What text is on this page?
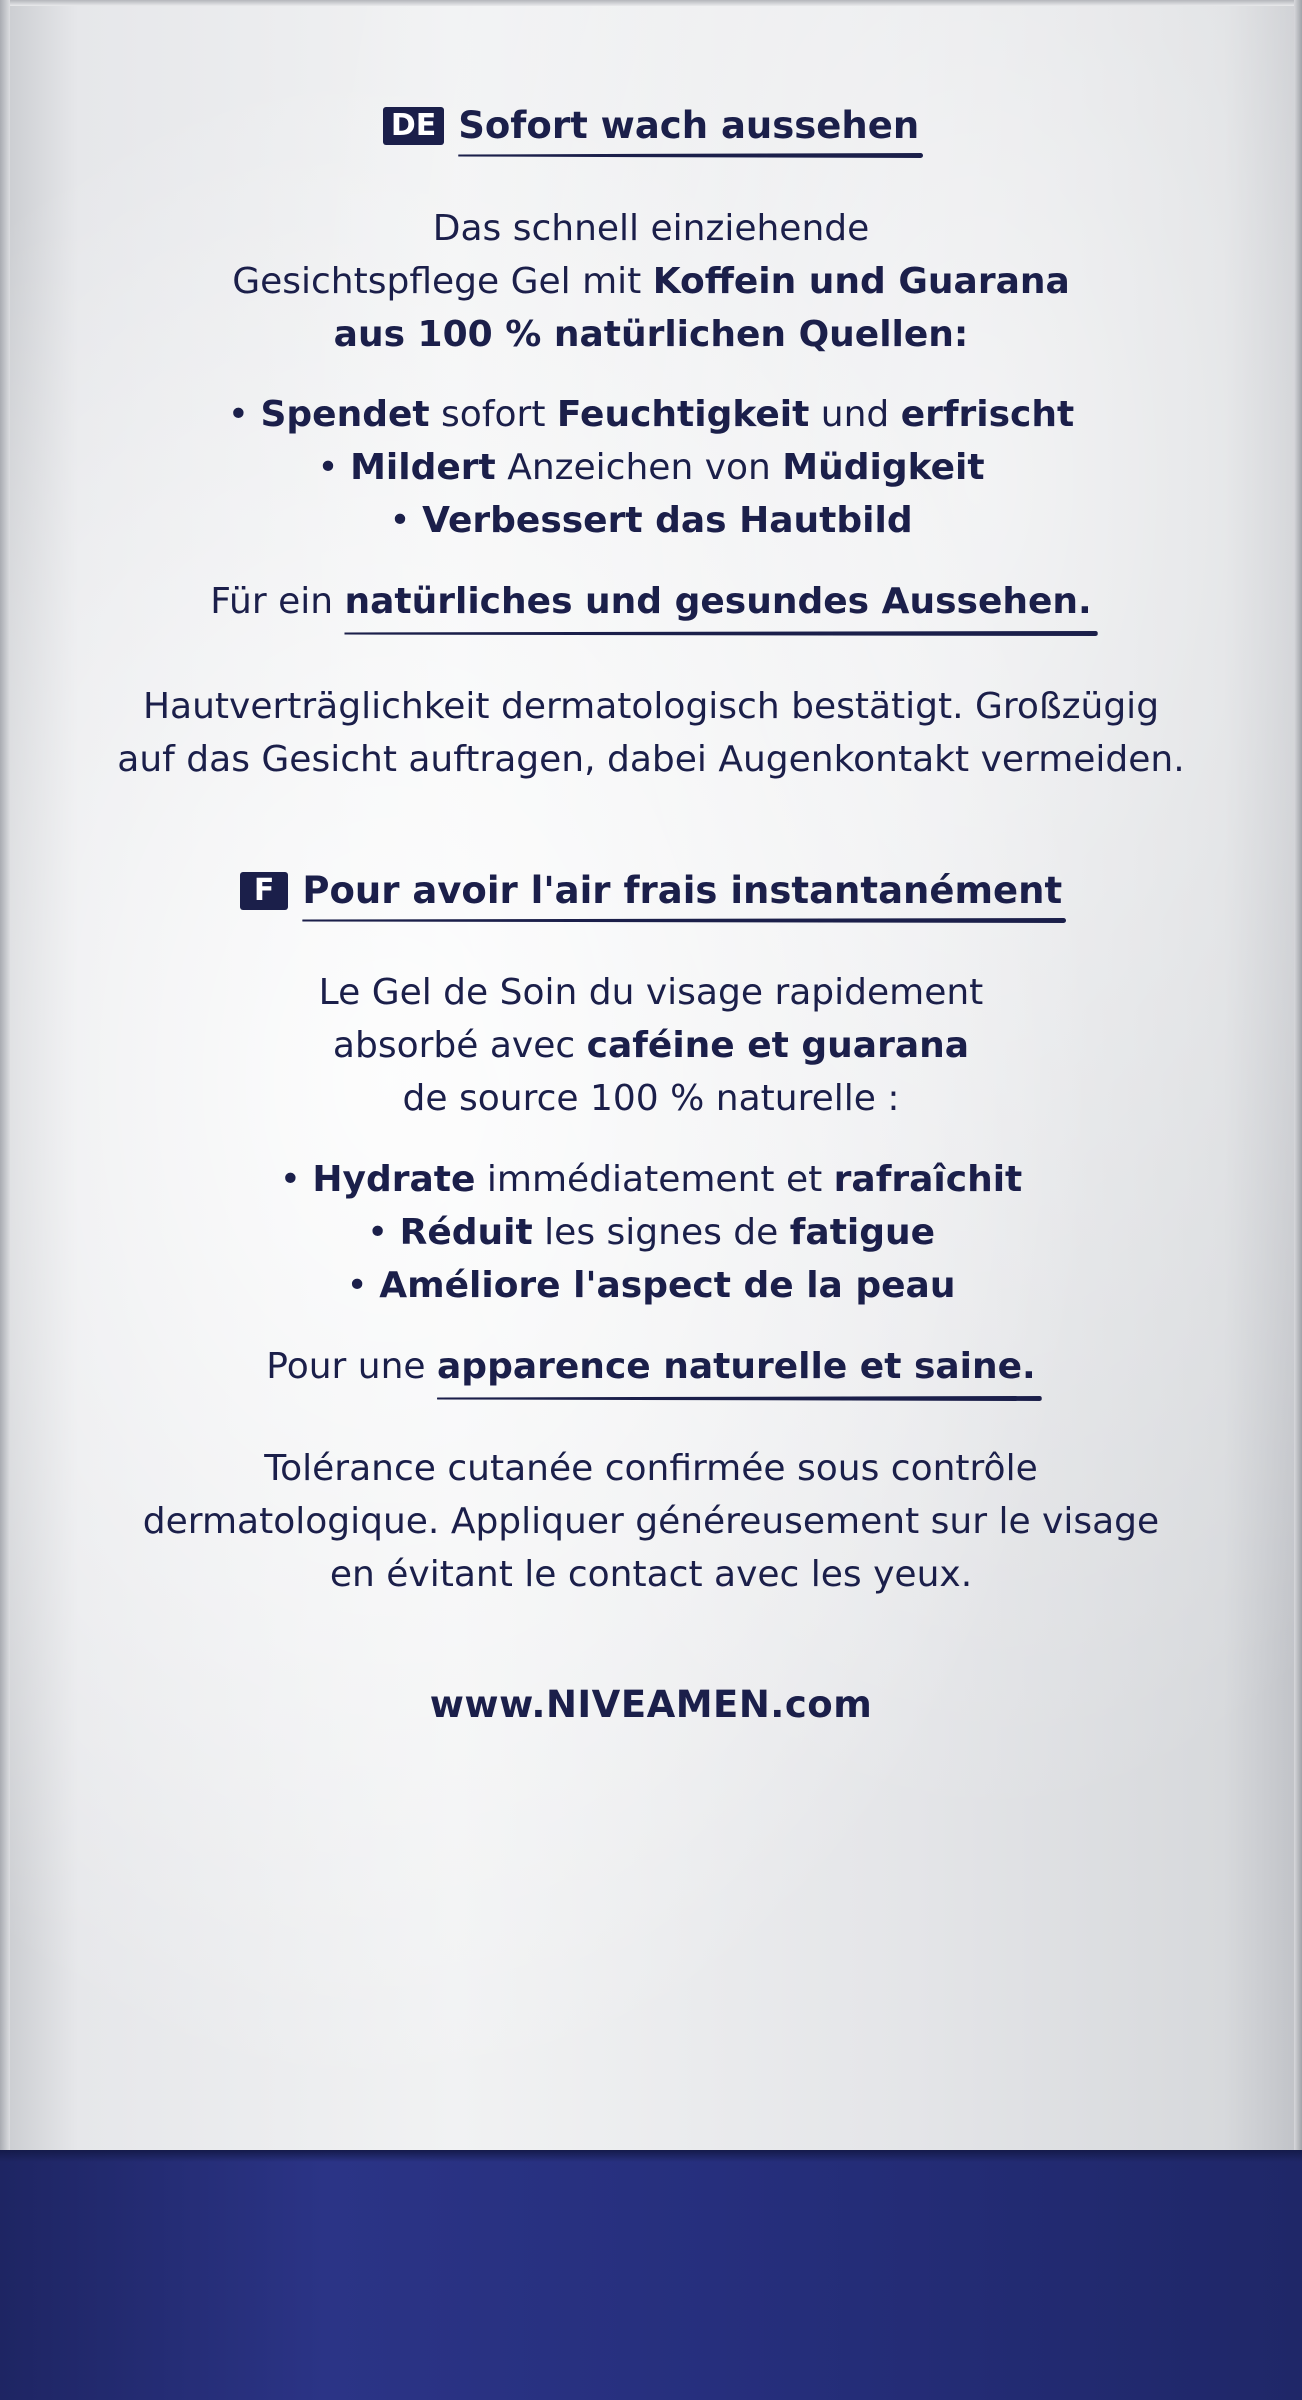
DE Sofort wach aussehen
Das schnell einziehende
Gesichtspflege Gel mit Koffein und Guarana
aus 100 % natürlichen Quellen:
• Spendet sofort Feuchtigkeit und erfrischt
• Mildert Anzeichen von Müdigkeit
• Verbessert das Hautbild
Für ein natürliches und gesundes Aussehen.
Hautverträglichkeit dermatologisch bestätigt. Großzügig
auf das Gesicht auftragen, dabei Augenkontakt vermeiden.
F Pour avoir l'air frais instantanément
Le Gel de Soin du visage rapidement
absorbé avec caféine et guarana
de source 100 % naturelle :
• Hydrate immédiatement et rafraîchit
• Réduit les signes de fatigue
• Améliore l'aspect de la peau
Pour une apparence naturelle et saine.
Tolérance cutanée confirmée sous contrôle
dermatologique. Appliquer généreusement sur le visage
en évitant le contact avec les yeux.
www.NIVEAMEN.com
